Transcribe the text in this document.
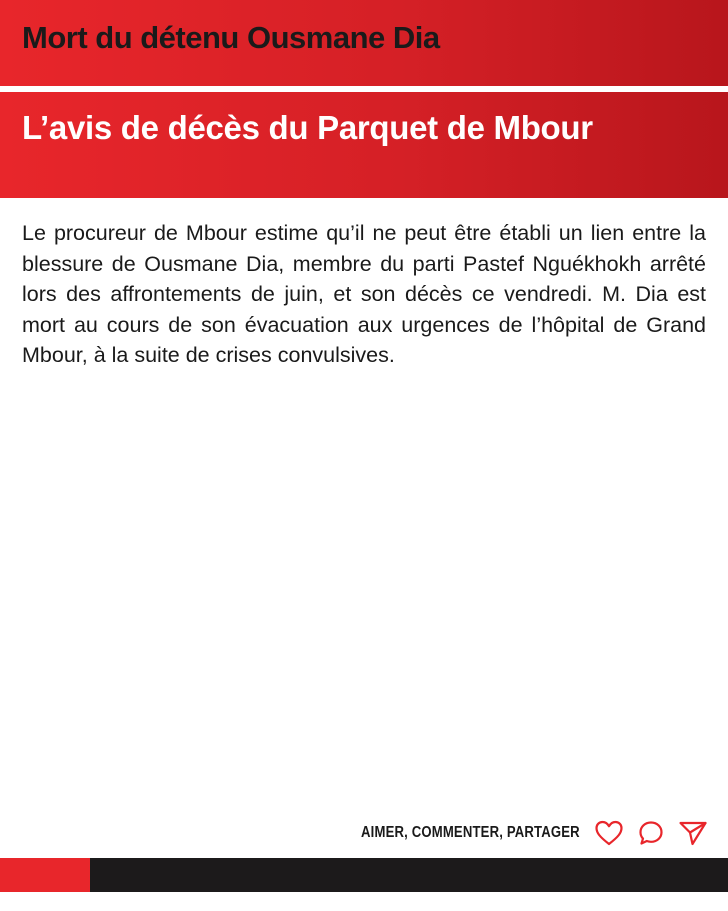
Mort du détenu Ousmane Dia
L’avis de décès du Parquet de Mbour

Le procureur de Mbour estime qu’il ne peut être établi un lien entre la blessure de Ousmane Dia, membre du parti Pastef Nguékhokh arrêté lors des affrontements de juin, et son décès ce vendredi. M. Dia est mort au cours de son évacuation aux urgences de l’hôpital de Grand Mbour, à la suite de crises convulsives.

AIMER, COMMENTER, PARTAGER
